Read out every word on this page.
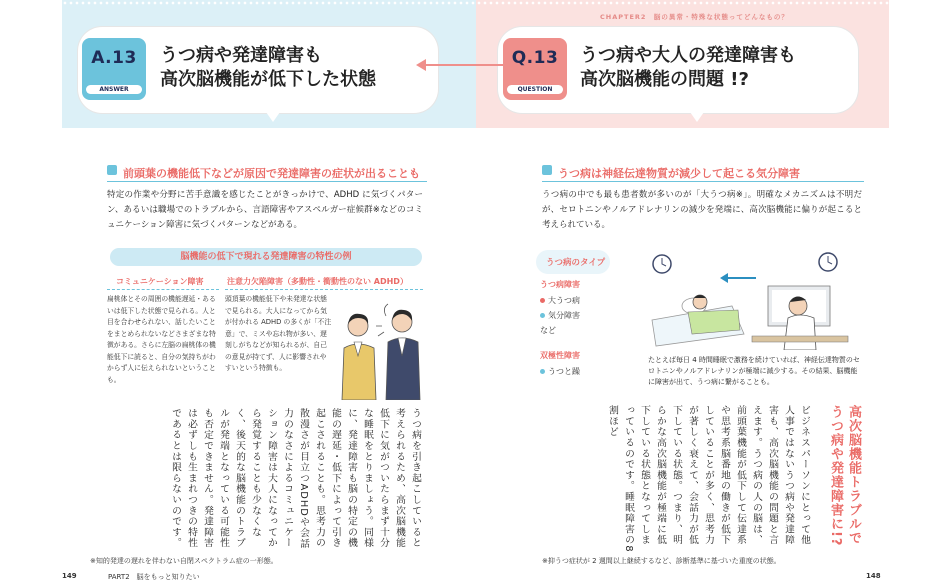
CHAPTER2　脳の異常・特殊な状態ってどんなもの？
A.13
ANSWER
うつ病や発達障害も
高次脳機能が低下した状態
Q.13
QUESTION
うつ病や大人の発達障害も
高次脳機能の問題 !?
前頭葉の機能低下などが原因で発達障害の症状が出ることも
特定の作業や分野に苦手意識を感じたことがきっかけで、ADHD に気づくパターン、あるいは職場でのトラブルから、言語障害やアスペルガー症候群※などのコミュニケーション障害に気づくパターンなどがある。
脳機能の低下で現れる発達障害の特性の例
コミュニケーション障害
扁桃体とその周囲の機能遅延・あるいは低下した状態で見られる。人と目を合わせられない、話したいことをまとめられないなどさまざまな特徴がある。さらに左脳の扁桃体の機能低下に読ると、自分の気持ちがわからず人に伝えられないということも。
注意力欠陥障害（多動性・衝動性のない ADHD）
頭頂葉の機能低下や未発達な状態で見られる。大人になってから気が付かれる ADHD の多くが「不注意」で、ミスや忘れ物が多い、遅刻しがちなどが知られるが、自己の意見が持てず、人に影響されやすいという特徴も。
うつ病を引き起こしていると考えられるため、高次脳機能低下に気がついたらまず十分な睡眠をとりましょう。同様に、発達障害も脳の特定の機能の遅延・低下によって引き起こされることも。思考力の散漫さが目立つADHDや会話力のなさによるコミュニケーション障害は大人になってから発覚することも少なくなく、後天的な脳機能のトラブルが発端となっている可能性も否定できません。発達障害は必ずしも生まれつきの特性であるとは限らないのです。
※知的発達の遅れを伴わない自閉スペクトラム症の一形態。
149	PART2　脳をもっと知りたい
うつ病は神経伝達物質が減少して起こる気分障害
うつ病の中でも最も患者数が多いのが「大うつ病※」。明確なメカニズムは不明だが、セロトニンやノルアドレナリンの減少を発端に、高次脳機能に偏りが起こると考えられている。
うつ病のタイプ
うつ病障害
大うつ病
気分障害
など
双極性障害
うつと躁
たとえば毎日 4 時間睡眠で激務を続けていれば、神経伝達物質のセロトニンやノルアドレナリンが極端に減少する。その結果、脳機能に障害が出て、うつ病に繋がることも。
高次脳機能トラブルでうつ病や発達障害に!?
ビジネスパーソンにとって他人事ではないうつ病や発達障害も、高次脳機能の問題と言えます。うつ病の人の脳は、前頭葉機能が低下して伝達系や思考系脳番地の働きが低下していることが多く、思考力が著しく衰えて、会話力が低下している状態。つまり、明らかな高次脳機能が極端に低下している状態となってしまっているのです。睡眠障害の8割ほど
※抑うつ症状が 2 週間以上継続するなど、診断基準に基づいた重度の状態。
148
